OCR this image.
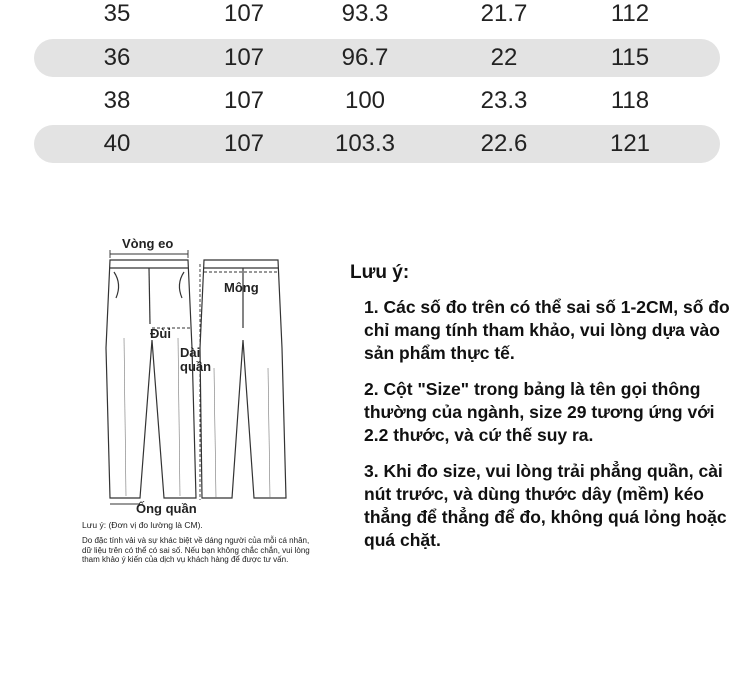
35	107	93.3	21.7	112
36	107	96.7	22	115
38	107	100	23.3	118
40	107	103.3	22.6	121
Vòng eo
Mông
Đùi
Dài quần
Ống quần
Lưu ý: (Đơn vị đo lường là CM).
Do đặc tính vải và sự khác biệt về dáng người của mỗi cá nhân, dữ liệu trên có thể có sai số. Nếu bạn không chắc chắn, vui lòng tham khảo ý kiến của dịch vụ khách hàng để được tư vấn.
Lưu ý:
1. Các số đo trên có thể sai số 1-2CM, số đo chỉ mang tính tham khảo, vui lòng dựa vào sản phẩm thực tế.
2. Cột "Size" trong bảng là tên gọi thông thường của ngành, size 29 tương ứng với 2.2 thước, và cứ thế suy ra.
3. Khi đo size, vui lòng trải phẳng quần, cài nút trước, và dùng thước dây (mềm) kéo thẳng để thẳng để đo, không quá lỏng hoặc quá chặt.
